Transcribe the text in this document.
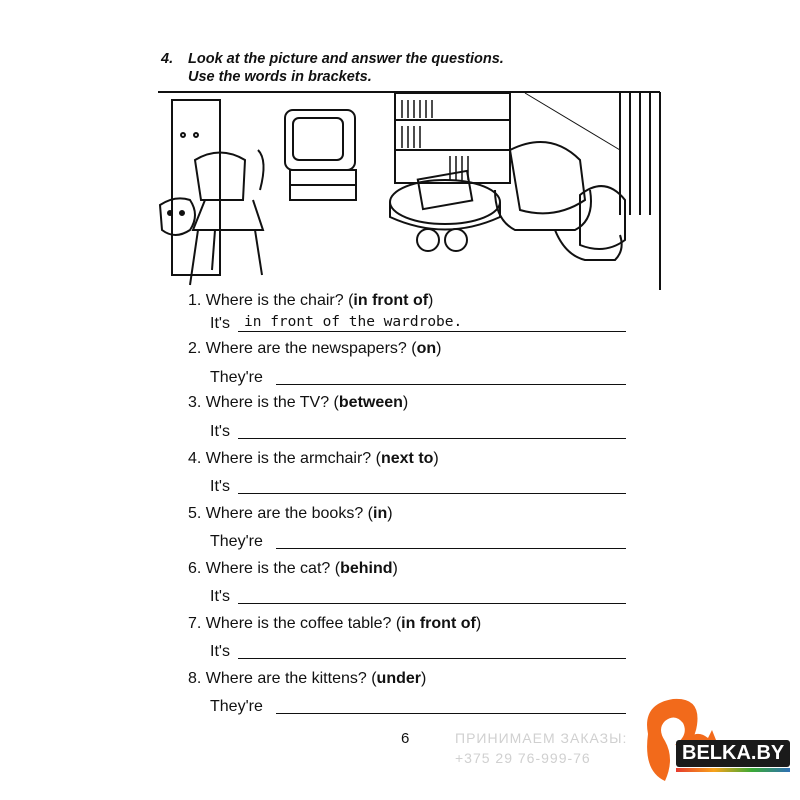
4. Look at the picture and answer the questions.
Use the words in brackets.
1. Where is the chair? (in front of)
It's in front of the wardrobe.
2. Where are the newspapers? (on)
They're
3. Where is the TV? (between)
It's
4. Where is the armchair? (next to)
It's
5. Where are the books? (in)
They're
6. Where is the cat? (behind)
It's
7. Where is the coffee table? (in front of)
It's
8. Where are the kittens? (under)
They're
6	ПРИНИМАЕМ ЗАКАЗЫ:
+375 29 76-999-76	BELKA.BY
